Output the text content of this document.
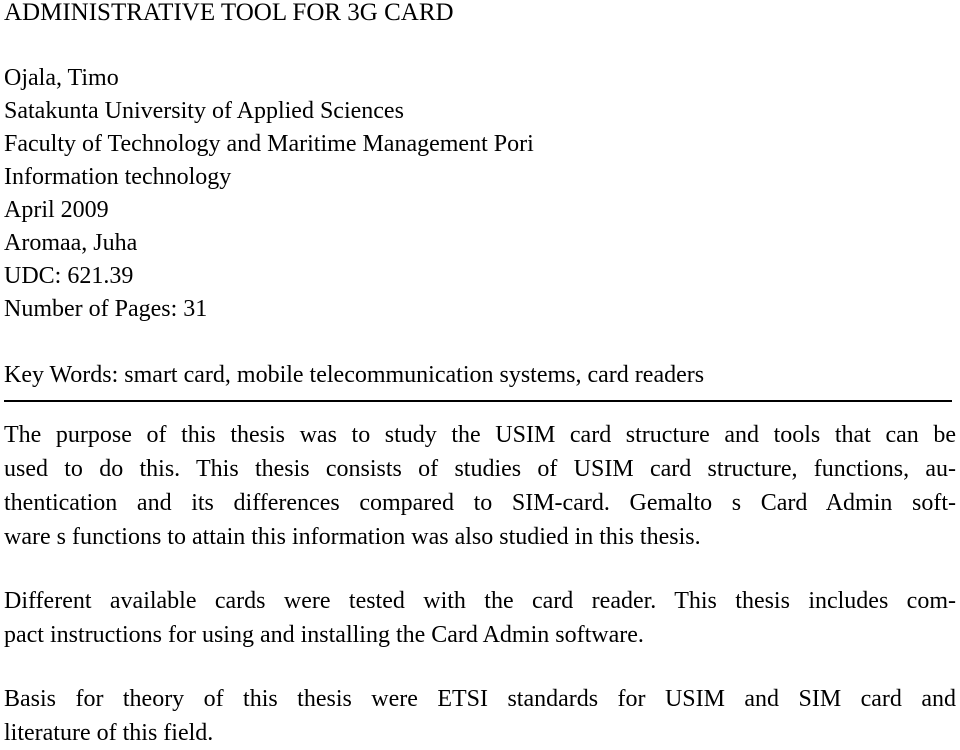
ADMINISTRATIVE TOOL FOR 3G CARD
Ojala, Timo
Satakunta University of Applied Sciences
Faculty of Technology and Maritime Management Pori
Information technology
April 2009
Aromaa, Juha
UDC: 621.39
Number of Pages: 31
Key Words: smart card, mobile telecommunication systems, card readers

The purpose of this thesis was to study the USIM card structure and tools that can be
used to do this. This thesis consists of studies of USIM card structure, functions, au-
thentication and its differences compared to SIM-card. Gemalto s Card Admin soft-
ware s functions to attain this information was also studied in this thesis.

Different available cards were tested with the card reader. This thesis includes com-
pact instructions for using and installing the Card Admin software.

Basis for theory of this thesis were ETSI standards for USIM and SIM card and
literature of this field.
